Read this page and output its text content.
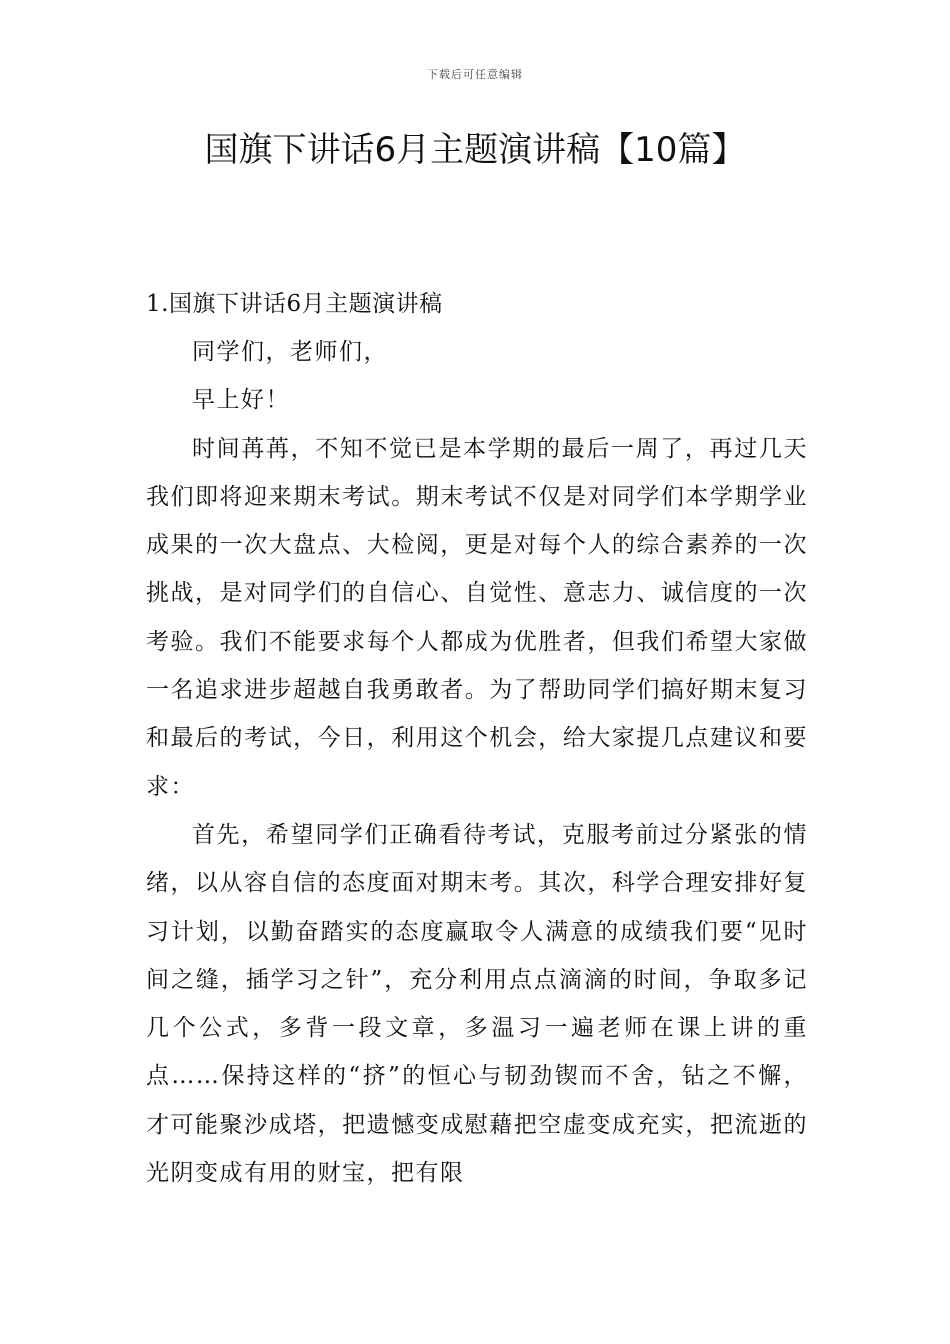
下载后可任意编辑
国旗下讲话6月主题演讲稿【10篇】
1.国旗下讲话6月主题演讲稿

同学们，老师们，

早上好！

时间苒苒，不知不觉已是本学期的最后一周了，再过几天我们即将迎来期末考试。期末考试不仅是对同学们本学期学业成果的一次大盘点、大检阅，更是对每个人的综合素养的一次挑战，是对同学们的自信心、自觉性、意志力、诚信度的一次考验。我们不能要求每个人都成为优胜者，但我们希望大家做一名追求进步超越自我勇敢者。为了帮助同学们搞好期末复习和最后的考试，今日，利用这个机会，给大家提几点建议和要求：

首先，希望同学们正确看待考试，克服考前过分紧张的情绪，以从容自信的态度面对期末考。其次，科学合理安排好复习计划，以勤奋踏实的态度赢取令人满意的成绩我们要“见时间之缝，插学习之针”，充分利用点点滴滴的时间，争取多记几个公式，多背一段文章，多温习一遍老师在课上讲的重点……保持这样的“挤”的恒心与韧劲锲而不舍，钻之不懈，才可能聚沙成塔，把遗憾变成慰藉把空虚变成充实，把流逝的光阴变成有用的财宝，把有限
